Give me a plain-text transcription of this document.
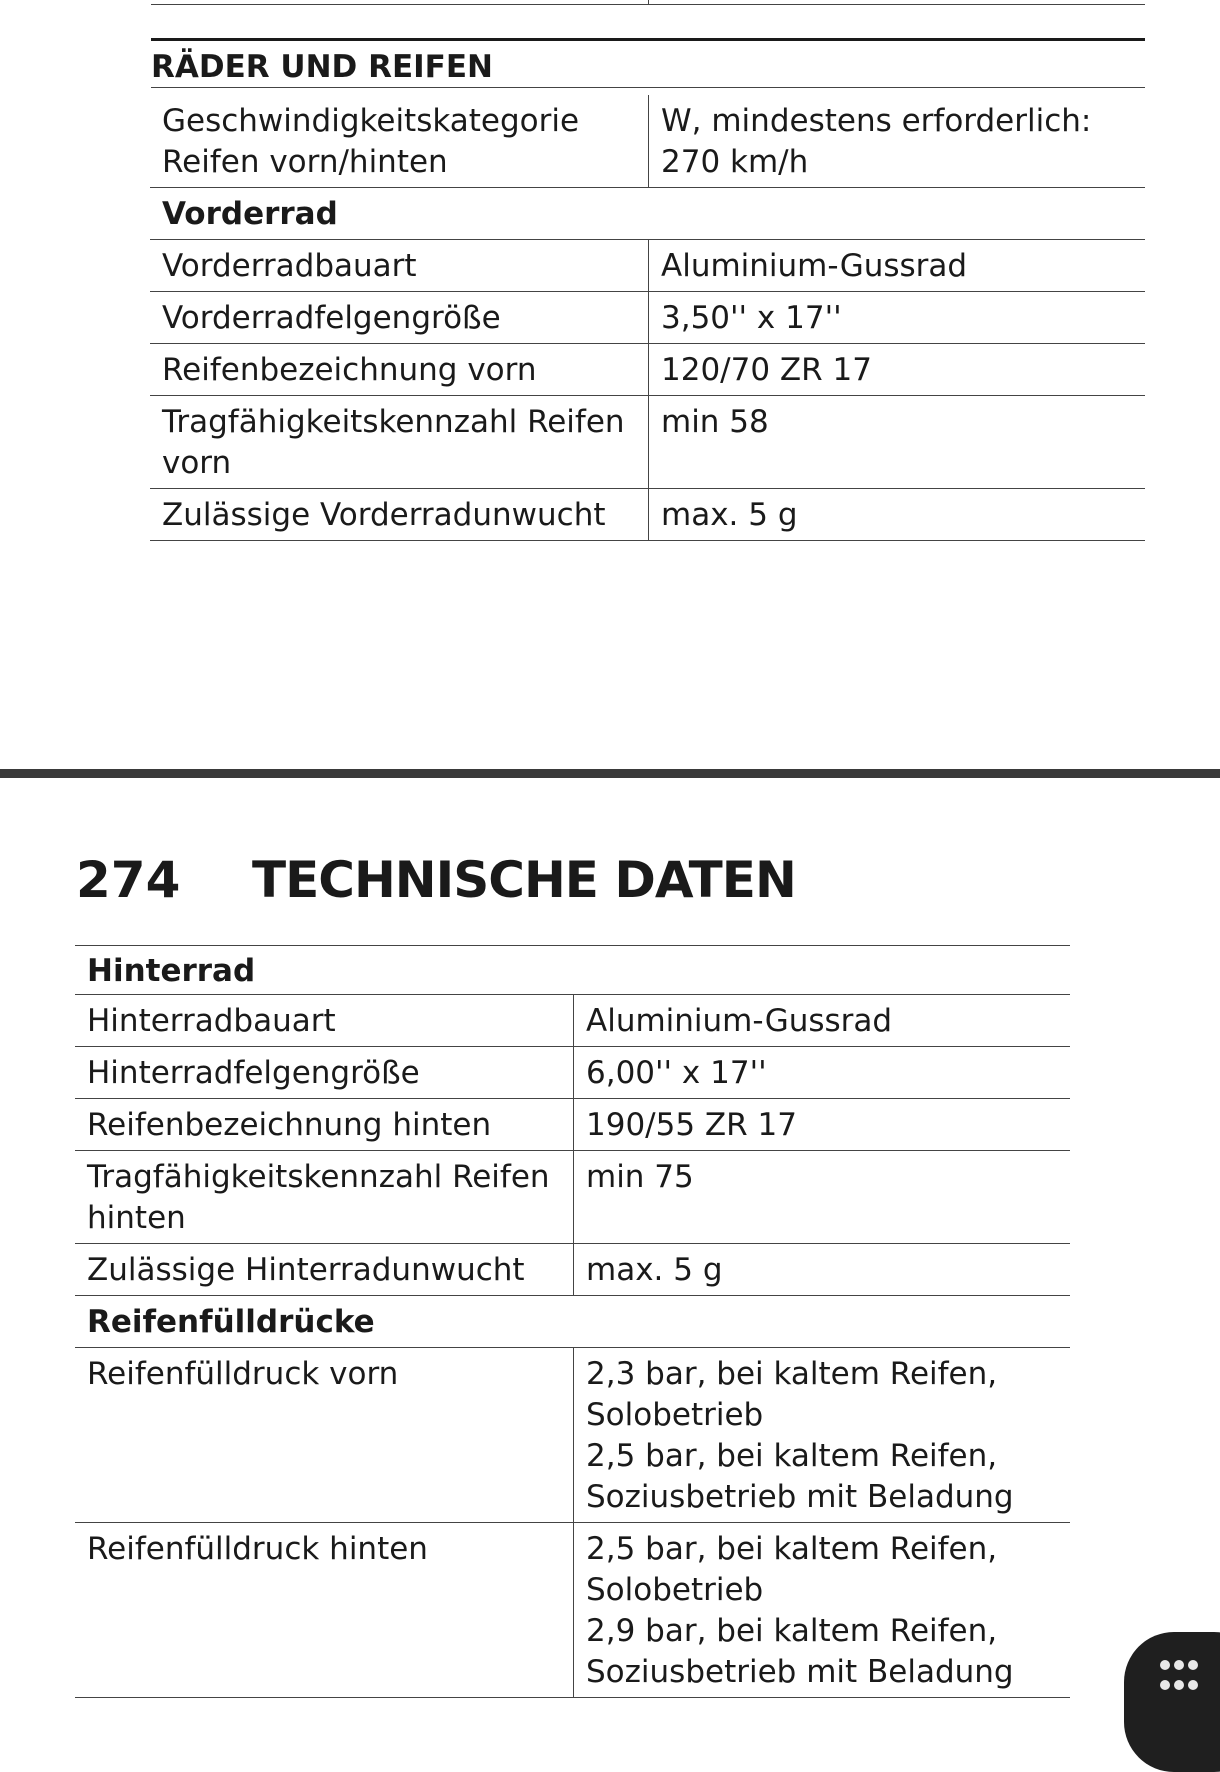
RÄDER UND REIFEN
Geschwindigkeitskategorie Reifen vorn/hinten	W, mindestens erforderlich: 270 km/h
Vorderrad	
Vorderradbauart	Aluminium-Gussrad
Vorderradfelgengröße	3,50'' x 17''
Reifenbezeichnung vorn	120/70 ZR 17
Tragfähigkeitskennzahl Reifen vorn	min 58
Zulässige Vorderradunwucht	max. 5 g
274 TECHNISCHE DATEN
Hinterrad
Hinterradbauart	Aluminium-Gussrad
Hinterradfelgengröße	6,00'' x 17''
Reifenbezeichnung hinten	190/55 ZR 17
Tragfähigkeitskennzahl Reifen hinten	min 75
Zulässige Hinterradunwucht	max. 5 g
Reifenfülldrücke	
Reifenfülldruck vorn	2,3 bar, bei kaltem Reifen, Solobetrieb
2,5 bar, bei kaltem Reifen, Soziusbetrieb mit Beladung

Reifenfülldruck hinten	2,5 bar, bei kaltem Reifen, Solobetrieb
2,9 bar, bei kaltem Reifen, Soziusbetrieb mit Beladung
